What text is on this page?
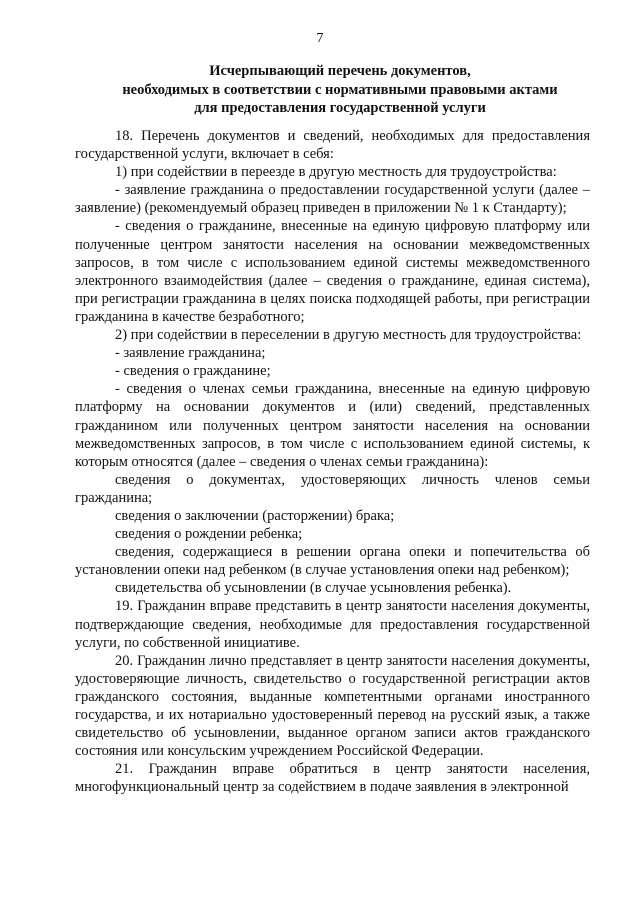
7
Исчерпывающий перечень документов,
необходимых в соответствии с нормативными правовыми актами
для предоставления государственной услуги

18. Перечень документов и сведений, необходимых для предоставления государственной услуги, включает в себя:

1) при содействии в переезде в другую местность для трудоустройства:

- заявление гражданина о предоставлении государственной услуги (далее – заявление) (рекомендуемый образец приведен в приложении № 1 к Стандарту);

- сведения о гражданине, внесенные на единую цифровую платформу или полученные центром занятости населения на основании межведомственных запросов, в том числе с использованием единой системы межведомственного электронного взаимодействия (далее – сведения о гражданине, единая система), при регистрации гражданина в целях поиска подходящей работы, при регистрации гражданина в качестве безработного;

2) при содействии в переселении в другую местность для трудоустройства:

- заявление гражданина;

- сведения о гражданине;

- сведения о членах семьи гражданина, внесенные на единую цифровую платформу на основании документов и (или) сведений, представленных гражданином или полученных центром занятости населения на основании межведомственных запросов, в том числе с использованием единой системы, к которым относятся (далее – сведения о членах семьи гражданина):

сведения о документах, удостоверяющих личность членов семьи гражданина;

сведения о заключении (расторжении) брака;

сведения о рождении ребенка;

сведения, содержащиеся в решении органа опеки и попечительства об установлении опеки над ребенком (в случае установления опеки над ребенком);

свидетельства об усыновлении (в случае усыновления ребенка).

19. Гражданин вправе представить в центр занятости населения документы, подтверждающие сведения, необходимые для предоставления государственной услуги, по собственной инициативе.

20. Гражданин лично представляет в центр занятости населения документы, удостоверяющие личность, свидетельство о государственной регистрации актов гражданского состояния, выданные компетентными органами иностранного государства, и их нотариально удостоверенный перевод на русский язык, а также свидетельство об усыновлении, выданное органом записи актов гражданского состояния или консульским учреждением Российской Федерации.

21. Гражданин вправе обратиться в центр занятости населения, многофункциональный центр за содействием в подаче заявления в электронной
